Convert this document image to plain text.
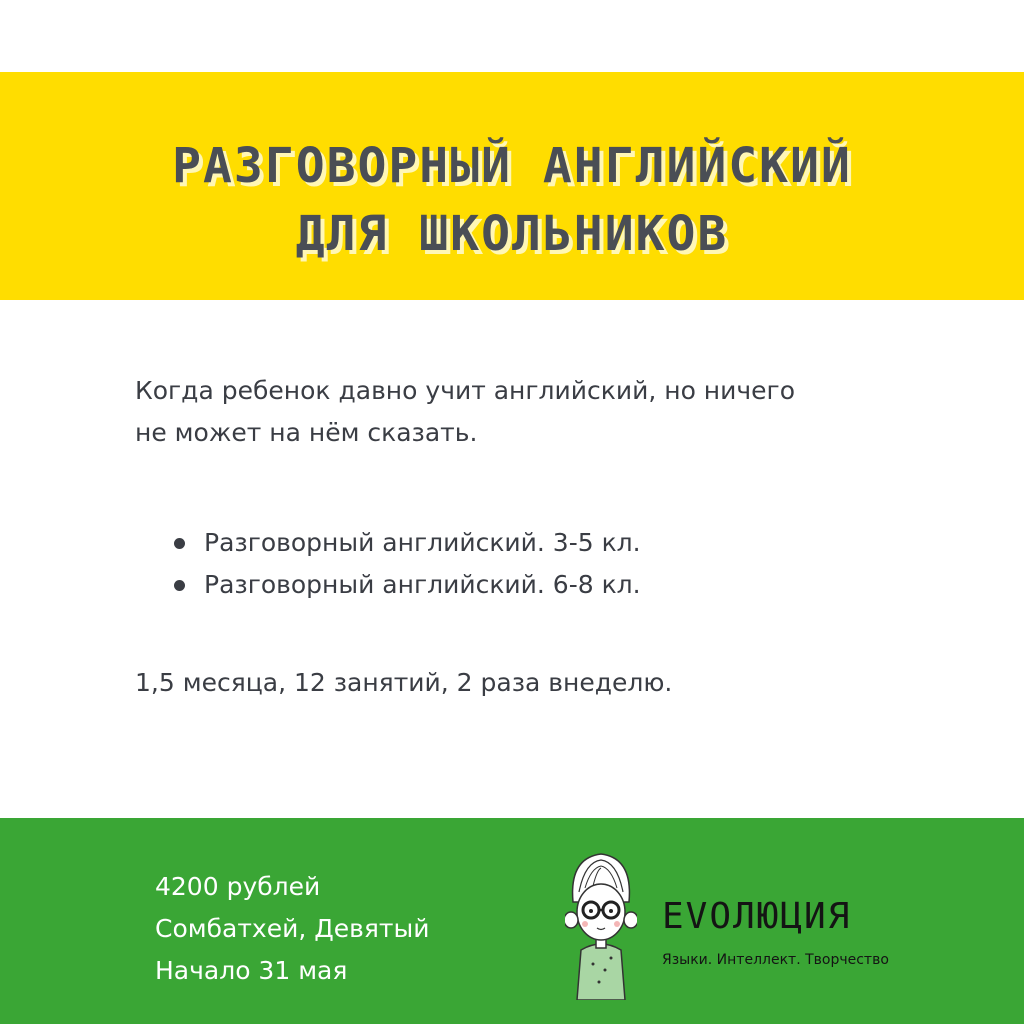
РАЗГОВОРНЫЙ АНГЛИЙСКИЙ
ДЛЯ ШКОЛЬНИКОВ
Когда ребенок давно учит английский, но ничего
не может на нём сказать.
Разговорный английский. 3-5 кл.
Разговорный английский. 6-8 кл.
1,5 месяца, 12 занятий, 2 раза внеделю.
4200 рублей
Сомбатхей, Девятый
Начало 31 мая
EVОЛЮЦИЯ
Языки. Интеллект. Творчество
